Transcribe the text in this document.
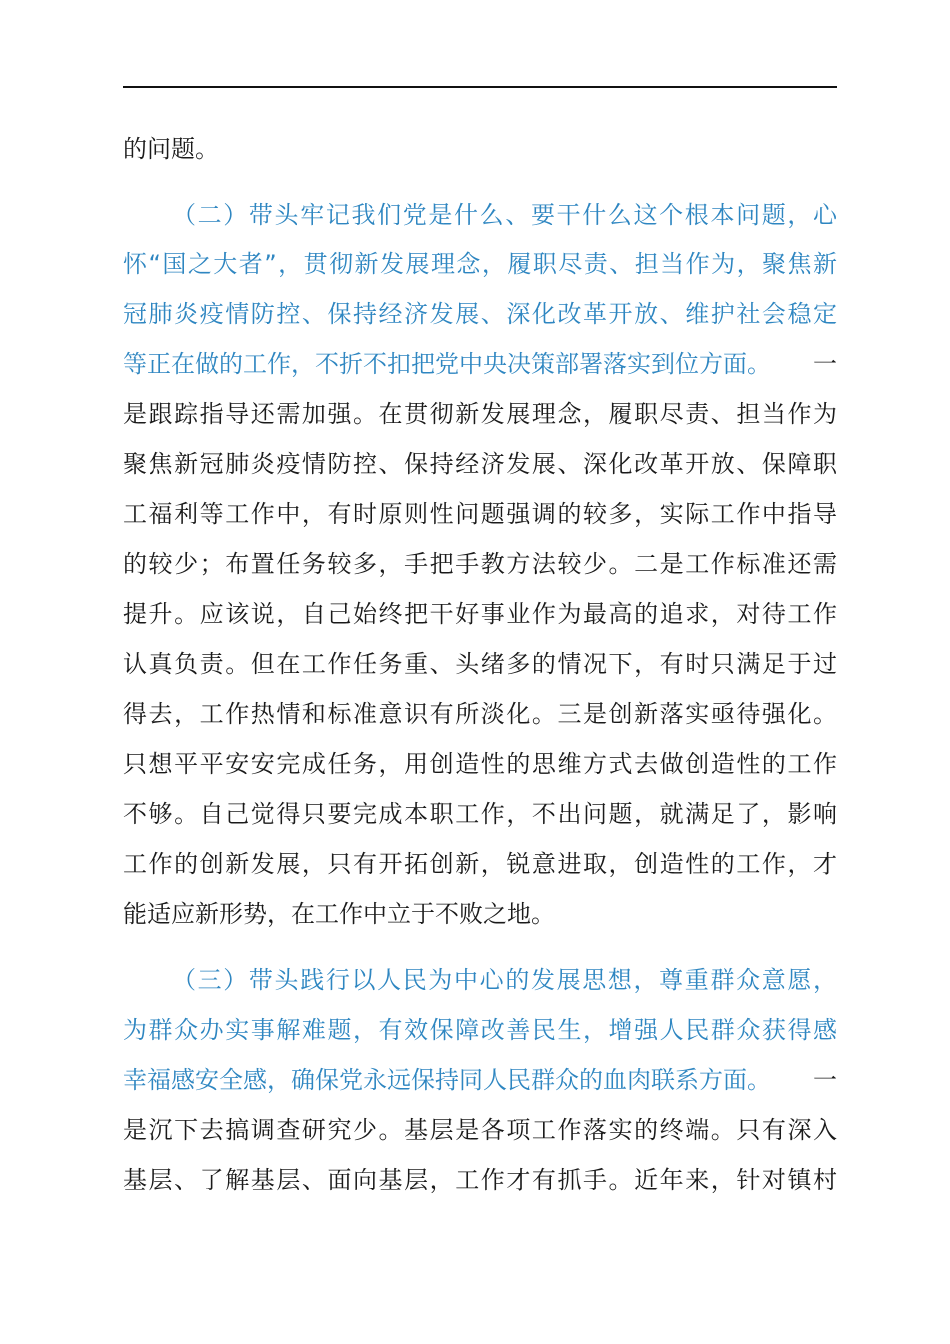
的问题。
（二）带头牢记我们党是什么、要干什么这个根本问题，心
怀“国之大者”，贯彻新发展理念，履职尽责、担当作为，聚焦新
冠肺炎疫情防控、保持经济发展、深化改革开放、维护社会稳定
等正在做的工作，不折不扣把党中央决策部署落实到位方面。 一
是跟踪指导还需加强。在贯彻新发展理念，履职尽责、担当作为
聚焦新冠肺炎疫情防控、保持经济发展、深化改革开放、保障职
工福利等工作中，有时原则性问题强调的较多，实际工作中指导
的较少；布置任务较多，手把手教方法较少。二是工作标准还需
提升。应该说，自己始终把干好事业作为最高的追求，对待工作
认真负责。但在工作任务重、头绪多的情况下，有时只满足于过
得去，工作热情和标准意识有所淡化。三是创新落实亟待强化。
只想平平安安完成任务，用创造性的思维方式去做创造性的工作
不够。自己觉得只要完成本职工作，不出问题，就满足了，影响
工作的创新发展，只有开拓创新，锐意进取，创造性的工作，才
能适应新形势，在工作中立于不败之地。
（三）带头践行以人民为中心的发展思想，尊重群众意愿，
为群众办实事解难题，有效保障改善民生，增强人民群众获得感
幸福感安全感，确保党永远保持同人民群众的血肉联系方面。 一
是沉下去搞调查研究少。基层是各项工作落实的终端。只有深入
基层、了解基层、面向基层，工作才有抓手。近年来，针对镇村
